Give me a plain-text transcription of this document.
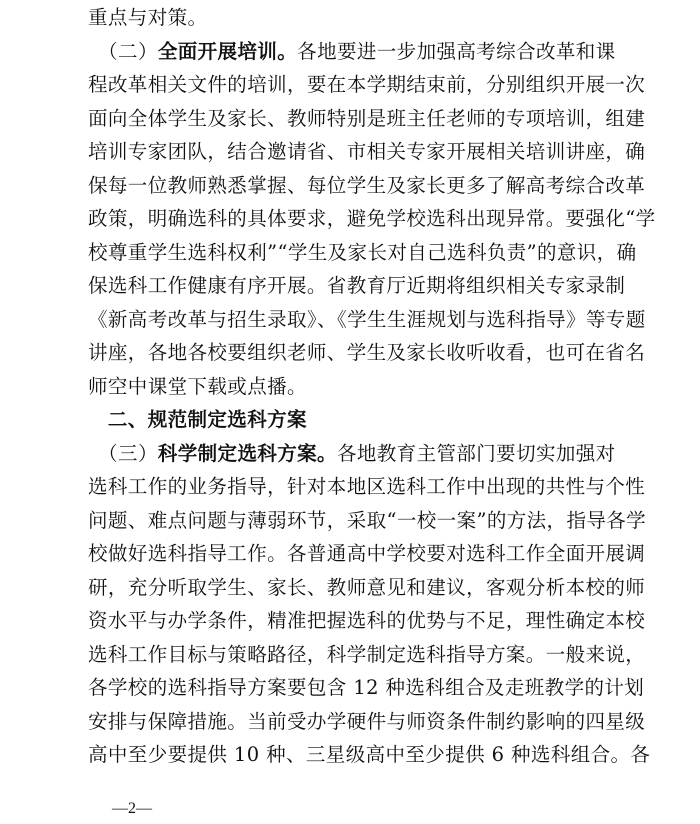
重点与对策。
　（二）全面开展培训。各地要进一步加强高考综合改革和课
程改革相关文件的培训，要在本学期结束前，分别组织开展一次
面向全体学生及家长、教师特别是班主任老师的专项培训，组建
培训专家团队，结合邀请省、市相关专家开展相关培训讲座，确
保每一位教师熟悉掌握、每位学生及家长更多了解高考综合改革
政策，明确选科的具体要求，避免学校选科出现异常。要强化“学
校尊重学生选科权利”“学生及家长对自己选科负责”的意识，确
保选科工作健康有序开展。省教育厅近期将组织相关专家录制
《新高考改革与招生录取》、《学生生涯规划与选科指导》等专题
讲座，各地各校要组织老师、学生及家长收听收看，也可在省名
师空中课堂下载或点播。
　二、规范制定选科方案
　（三）科学制定选科方案。各地教育主管部门要切实加强对
选科工作的业务指导，针对本地区选科工作中出现的共性与个性
问题、难点问题与薄弱环节，采取“一校一案”的方法，指导各学
校做好选科指导工作。各普通高中学校要对选科工作全面开展调
研，充分听取学生、家长、教师意见和建议，客观分析本校的师
资水平与办学条件，精准把握选科的优势与不足，理性确定本校
选科工作目标与策略路径，科学制定选科指导方案。一般来说，
各学校的选科指导方案要包含 12 种选科组合及走班教学的计划
安排与保障措施。当前受办学硬件与师资条件制约影响的四星级
高中至少要提供 10 种、三星级高中至少提供 6 种选科组合。各
—2—
